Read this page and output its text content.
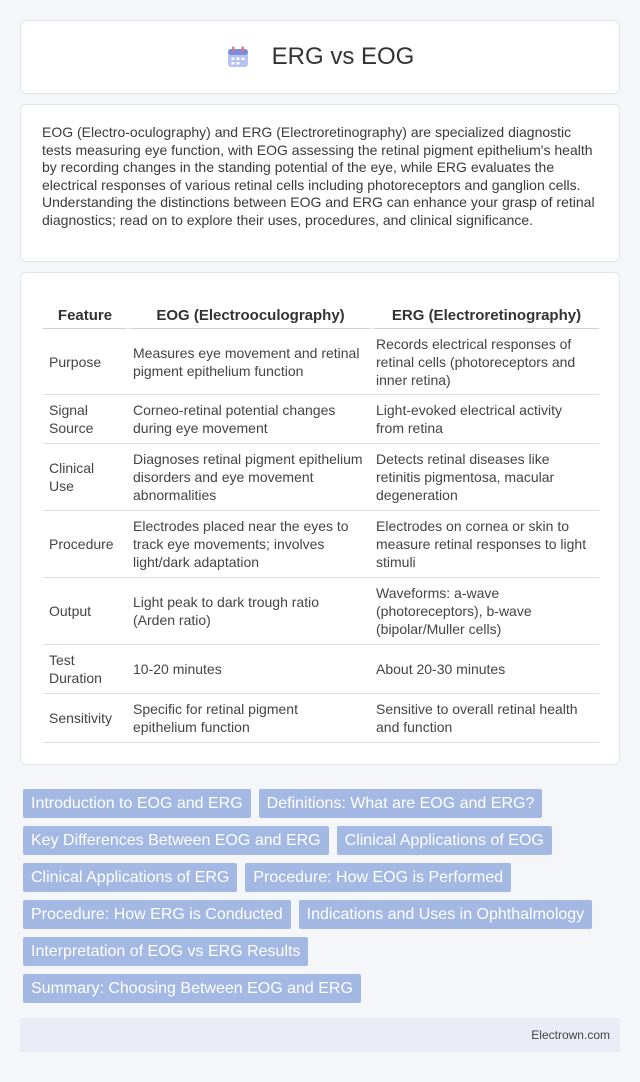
ERG vs EOG

EOG (Electro-oculography) and ERG (Electroretinography) are specialized diagnostic tests measuring eye function, with EOG assessing the retinal pigment epithelium's health by recording changes in the standing potential of the eye, while ERG evaluates the electrical responses of various retinal cells including photoreceptors and ganglion cells. Understanding the distinctions between EOG and ERG can enhance your grasp of retinal diagnostics; read on to explore their uses, procedures, and clinical significance.

Feature	EOG (Electrooculography)	ERG (Electroretinography)
Purpose	Measures eye movement and retinal pigment epithelium function	Records electrical responses of retinal cells (photoreceptors and inner retina)
Signal Source	Corneo-retinal potential changes during eye movement	Light-evoked electrical activity from retina
Clinical Use	Diagnoses retinal pigment epithelium disorders and eye movement abnormalities	Detects retinal diseases like retinitis pigmentosa, macular degeneration
Procedure	Electrodes placed near the eyes to track eye movements; involves light/dark adaptation	Electrodes on cornea or skin to measure retinal responses to light stimuli
Output	Light peak to dark trough ratio (Arden ratio)	Waveforms: a-wave (photoreceptors), b-wave (bipolar/Muller cells)
Test Duration	10-20 minutes	About 20-30 minutes
Sensitivity	Specific for retinal pigment epithelium function	Sensitive to overall retinal health and function
Introduction to EOG and ERG	Definitions: What are EOG and ERG?
Key Differences Between EOG and ERG	Clinical Applications of EOG
Clinical Applications of ERG	Procedure: How EOG is Performed
Procedure: How ERG is Conducted	Indications and Uses in Ophthalmology
Interpretation of EOG vs ERG Results
Summary: Choosing Between EOG and ERG
Electrown.com
